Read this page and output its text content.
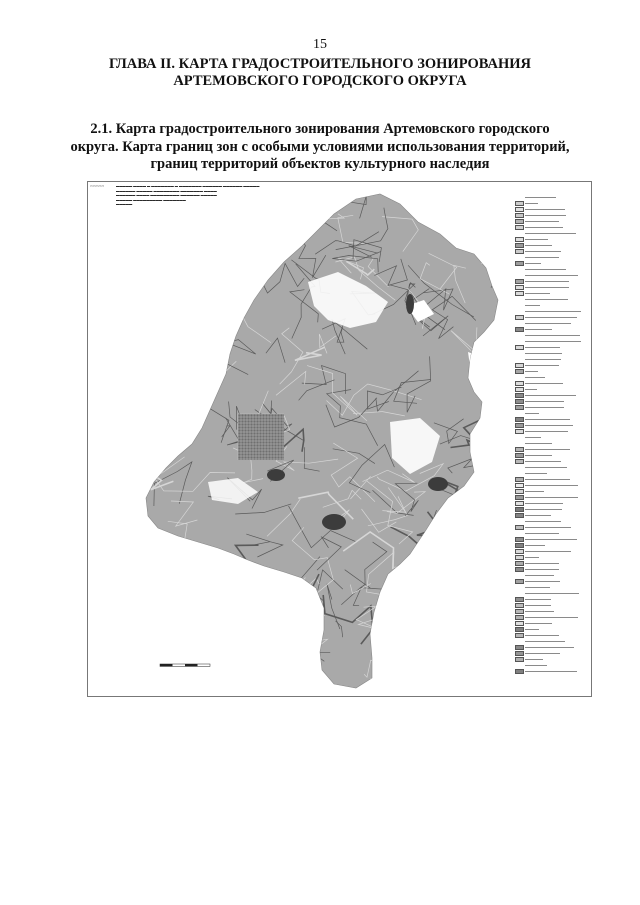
15
ГЛАВА II. КАРТА ГРАДОСТРОИТЕЛЬНОГО ЗОНИРОВАНИЯ АРТЕМОВСКОГО ГОРОДСКОГО ОКРУГА
2.1. Карта градостроительного зонирования Артемовского городского округа. Карта границ зон с особыми условиями использования территорий, границ территорий объектов культурного наследия
▭▭▭▭▭	▬▬▬▬▬ ▬▬▬▬ ▬ ▬▬▬▬▬▬▬ ▬ ▬▬▬▬▬▬▬ ▬▬▬▬▬▬ ▬▬▬▬▬▬ ▬▬▬▬▬
▬▬▬▬▬▬ ▬▬▬▬▬ ▬▬▬▬▬▬▬▬ ▬▬▬▬▬▬▬ ▬▬▬▬
▬▬▬▬▬▬ ▬▬▬▬ ▬▬▬▬▬▬▬▬▬ ▬▬▬▬▬▬ ▬▬▬▬▬
▬▬▬▬▬ ▬▬▬▬▬▬▬▬▬ ▬▬▬▬▬▬▬
▬▬▬▬▬
